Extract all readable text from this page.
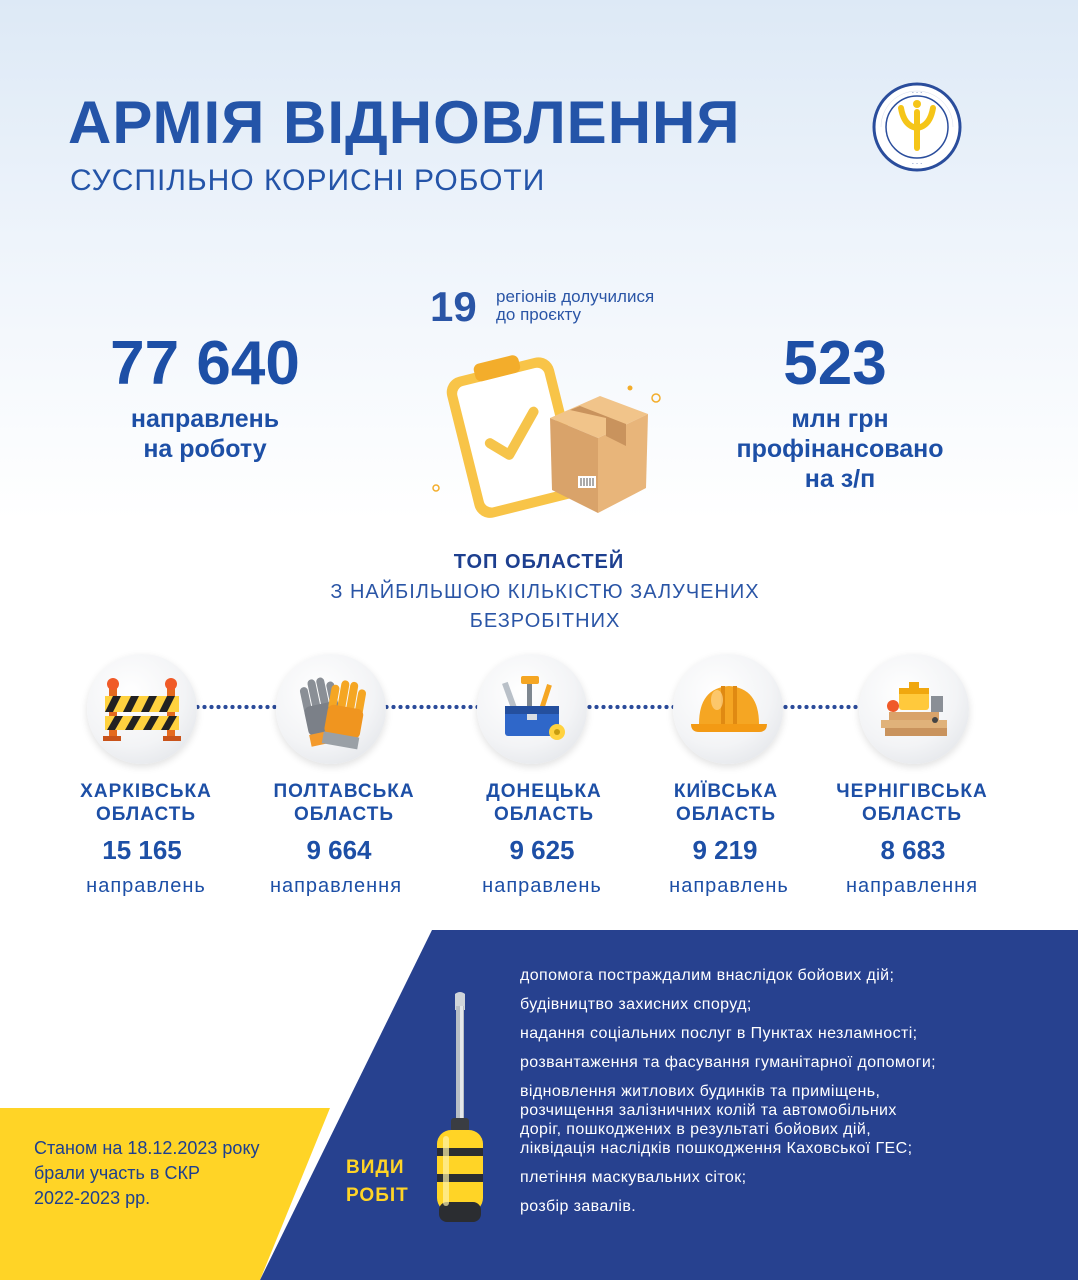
АРМІЯ ВІДНОВЛЕННЯ
СУСПІЛЬНО КОРИСНІ РОБОТИ
· · ·
· · ·
77 640
направлень
на роботу
19 регіонів долучилися
до проєкту
523
млн грн
профінансовано
на з/п
ТОП ОБЛАСТЕЙ
З НАЙБІЛЬШОЮ КІЛЬКІСТЮ ЗАЛУЧЕНИХ
БЕЗРОБІТНИХ
ХАРКІВСЬКА
ОБЛАСТЬ
15 165
направлень
ПОЛТАВСЬКА
ОБЛАСТЬ
9 664
направлення
ДОНЕЦЬКА
ОБЛАСТЬ
9 625
направлень
КИЇВСЬКА
ОБЛАСТЬ
9 219
направлень
ЧЕРНІГІВСЬКА
ОБЛАСТЬ
8 683
направлення
Станом на 18.12.2023 року
брали участь в СКР
2022-2023 рр.
ВИДИ
РОБІТ
допомога постраждалим внаслідок бойових дій;
будівництво захисних споруд;
надання соціальних послуг в Пунктах незламності;
розвантаження та фасування гуманітарної допомоги;
відновлення житлових будинків та приміщень,
розчищення залізничних колій та автомобільних
доріг, пошкоджених в результаті бойових дій,
ліквідація наслідків пошкодження Каховської ГЕС;
плетіння маскувальних сіток;
розбір завалів.
